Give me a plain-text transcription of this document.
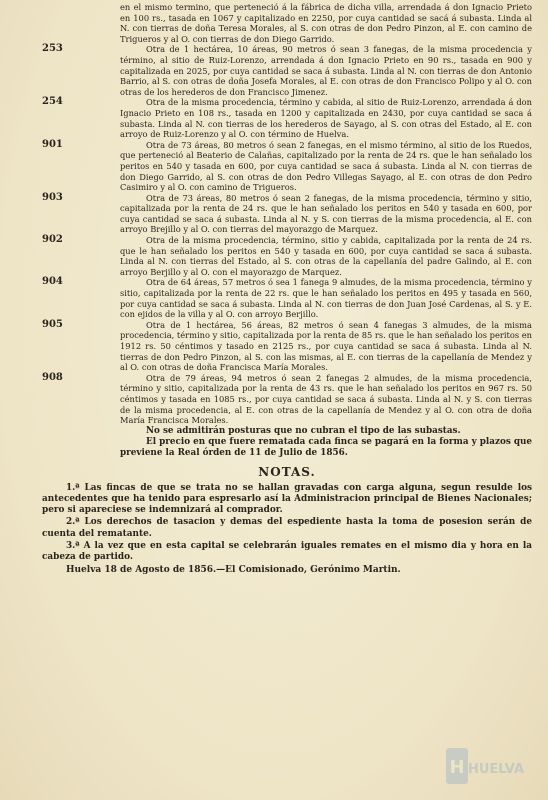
en el mismo termino, que perteneció á la fábrica de dicha villa, arrendada á don Ignacio Prieto en 100 rs., tasada en 1067 y capitalizado en 2250, por cuya cantidad se sacá á subasta. Linda al N. con tierras de doña Teresa Morales, al S. con otras de don Pedro Pinzon, al E. con camino de Trigueros y al O. con tierras de don Diego Garrido.

253	Otra de 1 hectárea, 10 áreas, 90 metros ó sean 3 fanegas, de la misma procedencia y término, al sitio de Ruiz-Lorenzo, arrendada á don Ignacio Prieto en 90 rs., tasada en 900 y capitalizada en 2025, por cuya cantidad se saca á subasta. Linda al N. con tierras de don Antonio Barrio, al S. con otras de doña Josefa Morales, al E. con otras de don Francisco Polipo y al O. con otras de los herederos de don Francisco Jimenez.

254	Otra de la misma procedencia, término y cabida, al sitio de Ruiz-Lorenzo, arrendada á don Ignacio Prieto en 108 rs., tasada en 1200 y capitalizada en 2430, por cuya cantidad se saca á subasta. Linda al N. con tierras de los herederos de Sayago, al S. con otras del Estado, al E. con arroyo de Ruiz-Lorenzo y al O. con término de Huelva.

901	Otra de 73 áreas, 80 metros ó sean 2 fanegas, en el mismo término, al sitio de los Ruedos, que perteneció al Beaterio de Calañas, capitalizado por la renta de 24 rs. que le han señalado los peritos en 540 y tasada en 600, por cuya cantidad se saca á subasta. Linda al N. con tierras de don Diego Garrido, al S. con otras de don Pedro Villegas Sayago, al E. con otras de don Pedro Casimiro y al O. con camino de Trigueros.

903	Otra de 73 áreas, 80 metros ó sean 2 fanegas, de la misma procedencia, término y sitio, capitalizada por la renta de 24 rs. que le han señalado los peritos en 540 y tasada en 600, por cuya cantidad se saca á subasta. Linda al N. y S. con tierras de la misma procedencia, al E. con arroyo Brejillo y al O. con tierras del mayorazgo de Marquez.

902	Otra de la misma procedencia, término, sitio y cabida, capitalizada por la renta de 24 rs. que le han señalado los peritos en 540 y tasada en 600, por cuya cantidad se saca á subasta. Linda al N. con tierras del Estado, al S. con otras de la capellanía del padre Galindo, al E. con arroyo Berjillo y al O. con el mayorazgo de Marquez.

904	Otra de 64 áreas, 57 metros ó sea 1 fanega 9 almudes, de la misma procedencia, término y sitio, capitalizada por la renta de 22 rs. que le han señalado los peritos en 495 y tasada en 560, por cuya cantidad se saca á subasta. Linda al N. con tierras de don Juan José Cardenas, al S. y E. con ejidos de la villa y al O. con arroyo Berjillo.

905	Otra de 1 hectárea, 56 áreas, 82 metros ó sean 4 fanegas 3 almudes, de la misma procedencia, término y sitio, capitalizada por la renta de 85 rs. que le han señalado los peritos en 1912 rs. 50 céntimos y tasado en 2125 rs., por cuya cantidad se saca á subasta. Linda al N. tierras de don Pedro Pinzon, al S. con las mismas, al E. con tierras de la capellanía de Mendez y al O. con otras de doña Francisca María Morales.

908	Otra de 79 áreas, 94 metros ó sean 2 fanegas 2 almudes, de la misma procedencia, término y sitio, capitalizada por la renta de 43 rs. que le han señalado los peritos en 967 rs. 50 céntimos y tasada en 1085 rs., por cuya cantidad se saca á subasta. Linda al N. y S. con tierras de la misma procedencia, al E. con otras de la capellanía de Mendez y al O. con otra de doña María Francisca Morales.

No se admitirán posturas que no cubran el tipo de las subastas.

El precio en que fuere rematada cada finca se pagará en la forma y plazos que previene la Real órden de 11 de Julio de 1856.

NOTAS.

1.ª Las fincas de que se trata no se hallan gravadas con carga alguna, segun resulde los antecedentes que ha tenido para espresarlo así la Administracion principal de Bienes Nacionales; pero si apareciese se indemnizará al comprador.

2.ª Los derechos de tasacion y demas del espediente hasta la toma de posesion serán de cuenta del rematante.

3.ª A la vez que en esta capital se celebrarán iguales remates en el mismo dia y hora en la cabeza de partido.

Huelva 18 de Agosto de 1856.—El Comisionado, Gerónimo Martin.

H HUELVA
